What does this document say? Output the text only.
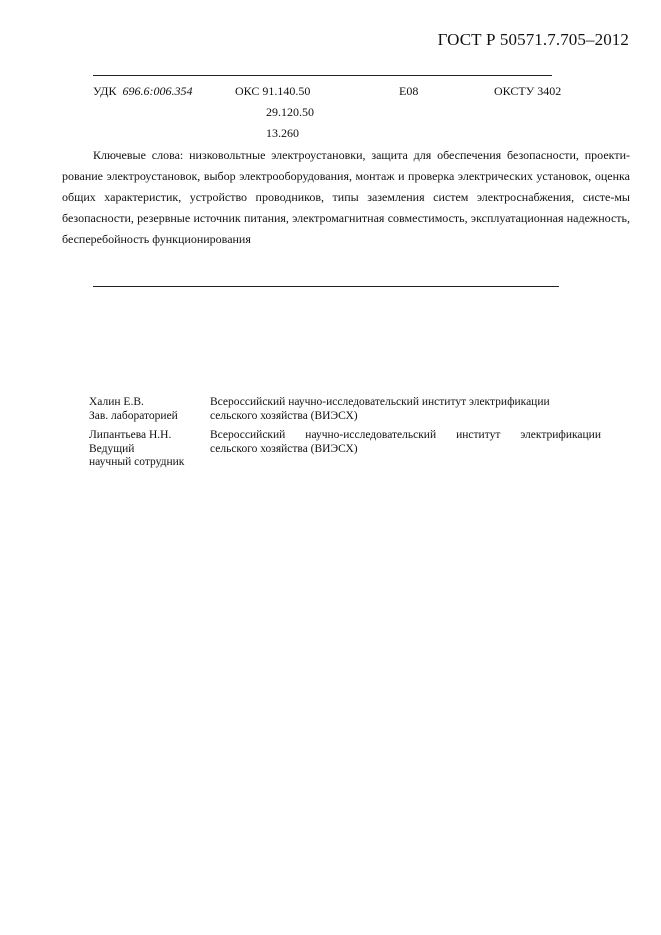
ГОСТ Р 50571.7.705–2012
УДК 696.6:006.354	ОКС 91.140.50
29.120.50
13.260
Е08	ОКСТУ 3402
Ключевые слова: низковольтные электроустановки, защита для обеспечения безопасности, проекти-рование электроустановок, выбор электрооборудования, монтаж и проверка электрических установок, оценка общих характеристик, устройство проводников, типы заземления систем электроснабжения, систе-мы безопасности, резервные источник питания, электромагнитная совместимость, эксплуатационная надежность, бесперебойность функционирования
Халин Е.В.
Зав. лабораторией
Всероссийский научно-исследовательский институт электрификации
сельского хозяйства (ВИЭСХ)
Липантьева Н.Н.
Ведущий
научный сотрудник
Всероссийский научно-исследовательский институт электрификации
сельского хозяйства (ВИЭСХ)
